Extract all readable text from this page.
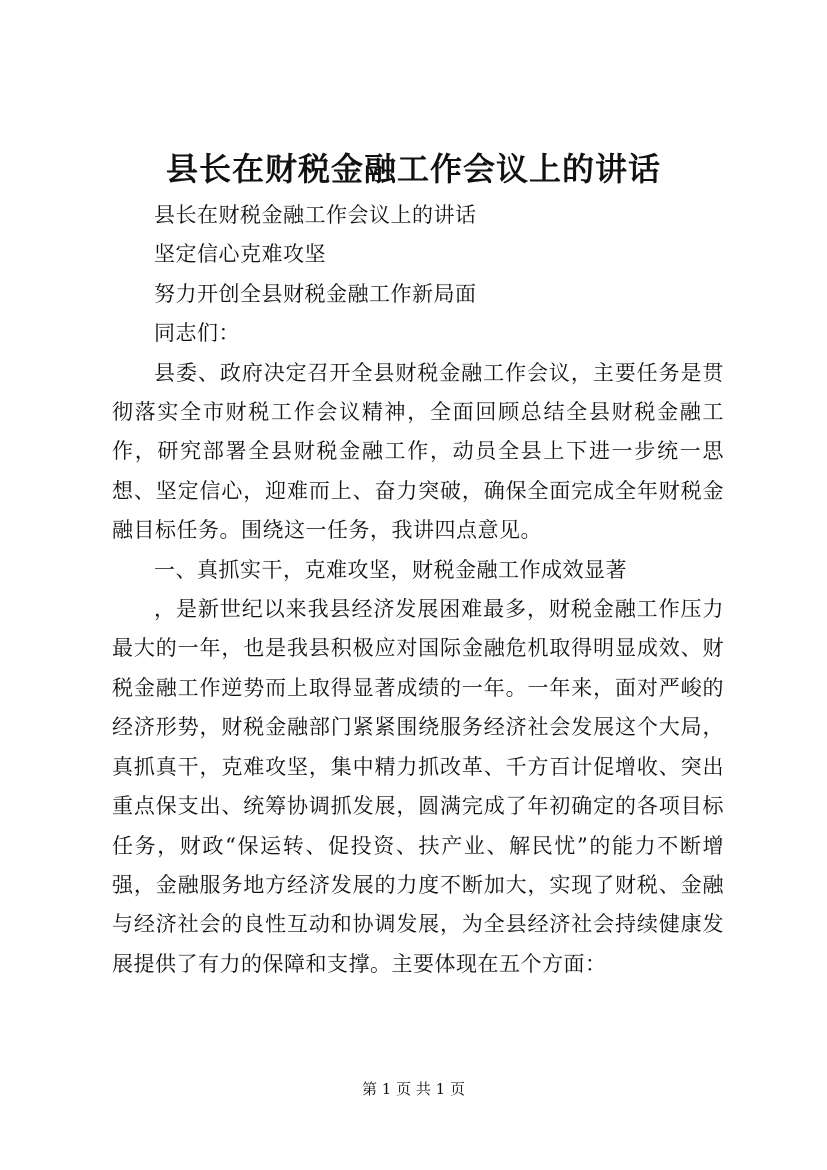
县长在财税金融工作会议上的讲话

县长在财税金融工作会议上的讲话

坚定信心克难攻坚

努力开创全县财税金融工作新局面

同志们：

县委、政府决定召开全县财税金融工作会议，主要任务是贯彻落实全市财税工作会议精神，全面回顾总结全县财税金融工作，研究部署全县财税金融工作，动员全县上下进一步统一思想、坚定信心，迎难而上、奋力突破，确保全面完成全年财税金融目标任务。围绕这一任务，我讲四点意见。

一、真抓实干，克难攻坚，财税金融工作成效显著

，是新世纪以来我县经济发展困难最多，财税金融工作压力最大的一年，也是我县积极应对国际金融危机取得明显成效、财税金融工作逆势而上取得显著成绩的一年。一年来，面对严峻的经济形势，财税金融部门紧紧围绕服务经济社会发展这个大局，真抓真干，克难攻坚，集中精力抓改革、千方百计促增收、突出重点保支出、统筹协调抓发展，圆满完成了年初确定的各项目标任务，财政“保运转、促投资、扶产业、解民忧”的能力不断增强，金融服务地方经济发展的力度不断加大，实现了财税、金融与经济社会的良性互动和协调发展，为全县经济社会持续健康发展提供了有力的保障和支撑。主要体现在五个方面：

第 1 页 共 1 页
